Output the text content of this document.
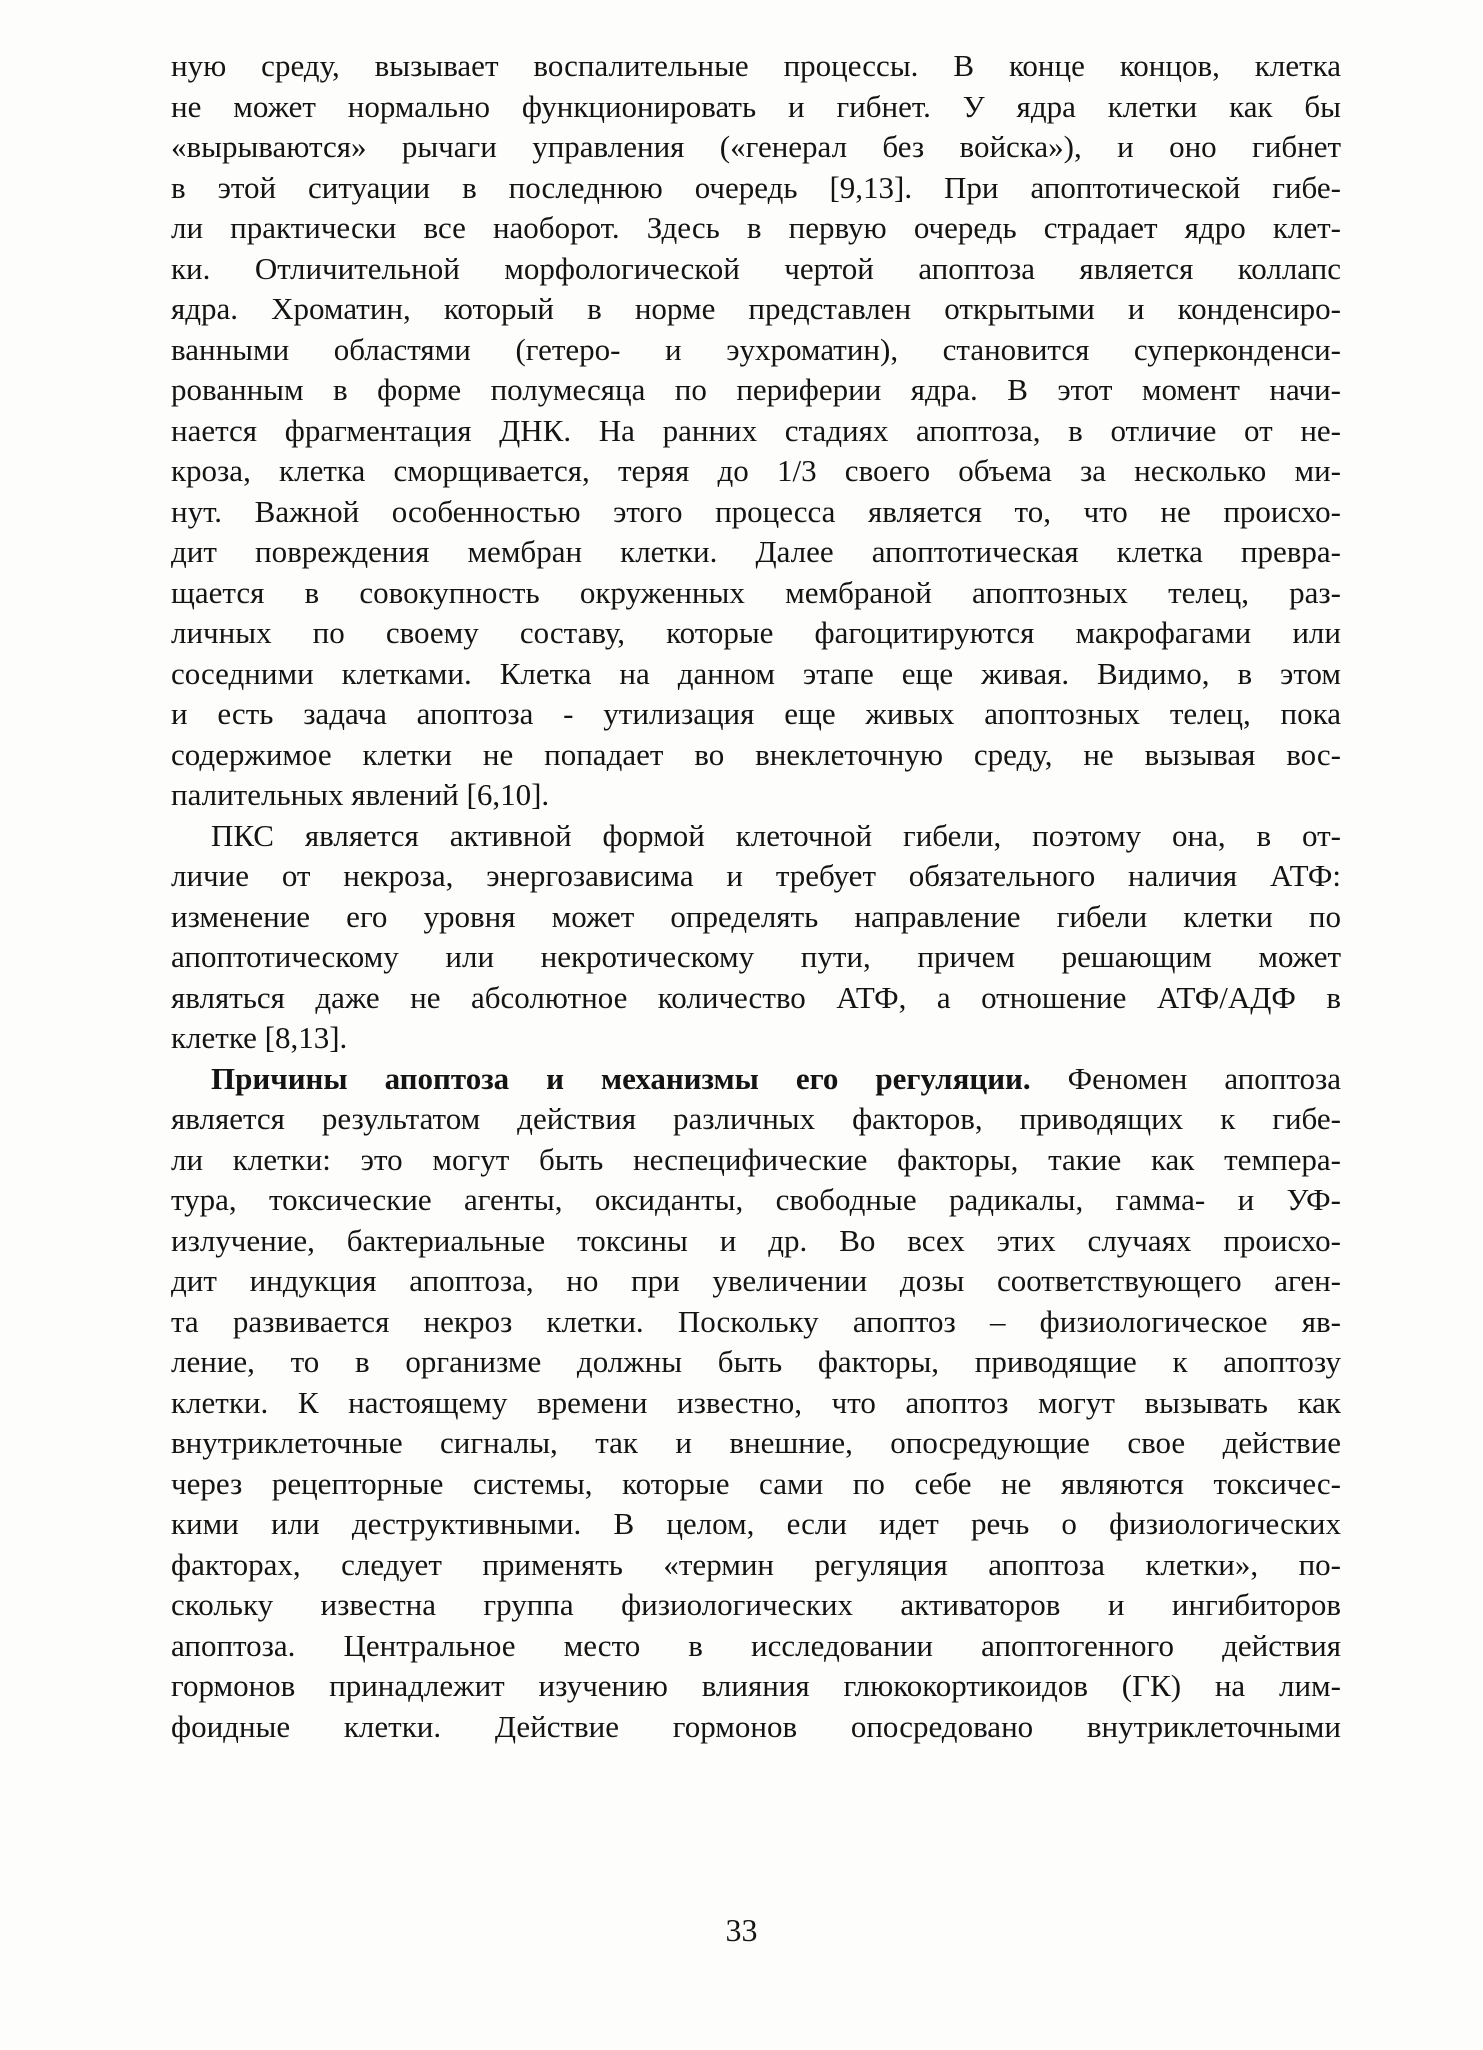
ную среду, вызывает воспалительные процессы. В конце концов, клетка
не может нормально функционировать и гибнет. У ядра клетки как бы
«вырываются» рычаги управления («генерал без войска»), и оно гибнет
в этой ситуации в последнюю очередь [9,13]. При апоптотической гибе-
ли практически все наоборот. Здесь в первую очередь страдает ядро клет-
ки. Отличительной морфологической чертой апоптоза является коллапс
ядра. Хроматин, который в норме представлен открытыми и конденсиро-
ванными областями (гетеро- и эухроматин), становится суперконденси-
рованным в форме полумесяца по периферии ядра. В этот момент начи-
нается фрагментация ДНК. На ранних стадиях апоптоза, в отличие от не-
кроза, клетка сморщивается, теряя до 1/3 своего объема за несколько ми-
нут. Важной особенностью этого процесса является то, что не происхо-
дит повреждения мембран клетки. Далее апоптотическая клетка превра-
щается в совокупность окруженных мембраной апоптозных телец, раз-
личных по своему составу, которые фагоцитируются макрофагами или
соседними клетками. Клетка на данном этапе еще живая. Видимо, в этом
и есть задача апоптоза - утилизация еще живых апоптозных телец, пока
содержимое клетки не попадает во внеклеточную среду, не вызывая вос-
палительных явлений [6,10].
ПКС является активной формой клеточной гибели, поэтому она, в от-
личие от некроза, энергозависима и требует обязательного наличия АТФ:
изменение его уровня может определять направление гибели клетки по
апоптотическому или некротическому пути, причем решающим может
являться даже не абсолютное количество АТФ, а отношение АТФ/АДФ в
клетке [8,13].
Причины апоптоза и механизмы его регуляции. Феномен апоптоза
является результатом действия различных факторов, приводящих к гибе-
ли клетки: это могут быть неспецифические факторы, такие как темпера-
тура, токсические агенты, оксиданты, свободные радикалы, гамма- и УФ-
излучение, бактериальные токсины и др. Во всех этих случаях происхо-
дит индукция апоптоза, но при увеличении дозы соответствующего аген-
та развивается некроз клетки. Поскольку апоптоз – физиологическое яв-
ление, то в организме должны быть факторы, приводящие к апоптозу
клетки. К настоящему времени известно, что апоптоз могут вызывать как
внутриклеточные сигналы, так и внешние, опосредующие свое действие
через рецепторные системы, которые сами по себе не являются токсичес-
кими или деструктивными. В целом, если идет речь о физиологических
факторах, следует применять «термин регуляция апоптоза клетки», по-
скольку известна группа физиологических активаторов и ингибиторов
апоптоза. Центральное место в исследовании апоптогенного действия
гормонов принадлежит изучению влияния глюкокортикоидов (ГК) на лим-
фоидные клетки. Действие гормонов опосредовано внутриклеточными
33
